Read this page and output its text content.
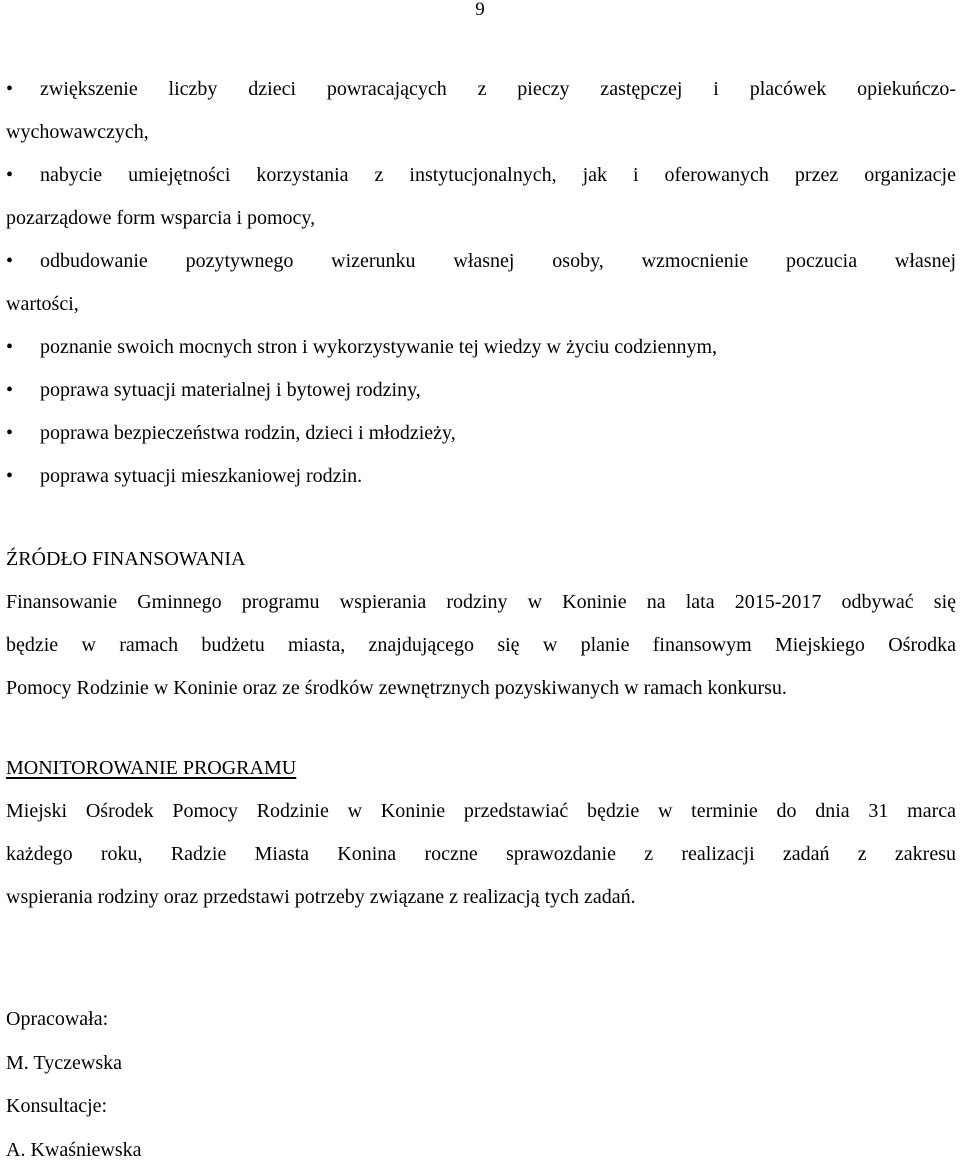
9
•	zwiększenie liczby dzieci powracających z pieczy zastępczej i placówek opiekuńczo-
wychowawczych,
•	nabycie umiejętności korzystania z instytucjonalnych, jak i oferowanych przez organizacje
pozarządowe form wsparcia i pomocy,
•	odbudowanie pozytywnego wizerunku własnej osoby, wzmocnienie poczucia własnej
wartości,
•	poznanie swoich mocnych stron i wykorzystywanie tej wiedzy w życiu codziennym,
•	poprawa sytuacji materialnej i bytowej rodziny,
•	poprawa bezpieczeństwa rodzin, dzieci i młodzieży,
•	poprawa sytuacji mieszkaniowej rodzin.
ŹRÓDŁO FINANSOWANIA
Finansowanie Gminnego programu wspierania rodziny w Koninie na lata 2015-2017 odbywać się
będzie w ramach budżetu miasta, znajdującego się w planie finansowym Miejskiego Ośrodka
Pomocy Rodzinie w Koninie oraz ze środków zewnętrznych pozyskiwanych w ramach konkursu.
MONITOROWANIE PROGRAMU
Miejski Ośrodek Pomocy Rodzinie w Koninie przedstawiać będzie w terminie do dnia 31 marca
każdego roku, Radzie Miasta Konina roczne sprawozdanie z realizacji zadań z zakresu
wspierania rodziny oraz przedstawi potrzeby związane z realizacją tych zadań.
Opracowała:
M. Tyczewska
Konsultacje:
A. Kwaśniewska
